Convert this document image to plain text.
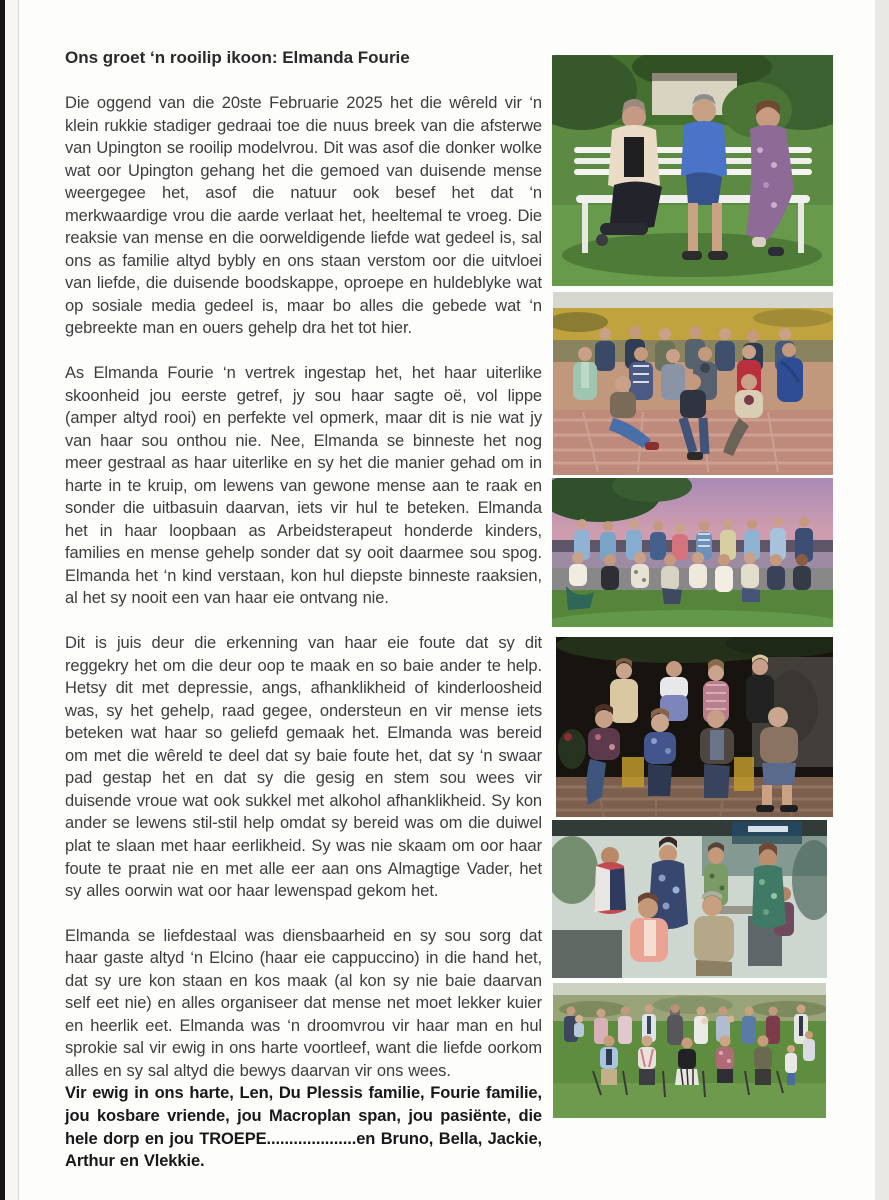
Ons groet ‘n rooilip ikoon: Elmanda Fourie

Die oggend van die 20ste Februarie 2025 het die wêreld vir ‘n klein rukkie stadiger gedraai toe die nuus breek van die afsterwe van Upington se rooilip modelvrou. Dit was asof die donker wolke wat oor Upington gehang het die gemoed van duisende mense weergegee het, asof die natuur ook besef het dat ‘n merkwaardige vrou die aarde verlaat het, heeltemal te vroeg. Die reaksie van mense en die oorweldigende liefde wat gedeel is, sal ons as familie altyd bybly en ons staan verstom oor die uitvloei van liefde, die duisende boodskappe, oproepe en huldeblyke wat op sosiale media gedeel is, maar bo alles die gebede wat ‘n gebreekte man en ouers gehelp dra het tot hier.

As Elmanda Fourie ‘n vertrek ingestap het, het haar uiterlike skoonheid jou eerste getref, jy sou haar sagte oë, vol lippe (amper altyd rooi) en perfekte vel opmerk, maar dit is nie wat jy van haar sou onthou nie. Nee, Elmanda se binneste het nog meer gestraal as haar uiterlike en sy het die manier gehad om in harte in te kruip, om lewens van gewone mense aan te raak en sonder die uitbasuin daarvan, iets vir hul te beteken. Elmanda het in haar loopbaan as Arbeidsterapeut honderde kinders, families en mense gehelp sonder dat sy ooit daarmee sou spog. Elmanda het ‘n kind verstaan, kon hul diepste binneste raaksien, al het sy nooit een van haar eie ontvang nie.

Dit is juis deur die erkenning van haar eie foute dat sy dit reggekry het om die deur oop te maak en so baie ander te help. Hetsy dit met depressie, angs, afhanklikheid of kinderloosheid was, sy het gehelp, raad gegee, ondersteun en vir mense iets beteken wat haar so geliefd gemaak het. Elmanda was bereid om met die wêreld te deel dat sy baie foute het, dat sy ‘n swaar pad gestap het en dat sy die gesig en stem sou wees vir duisende vroue wat ook sukkel met alkohol afhanklikheid. Sy kon ander se lewens stil-stil help omdat sy bereid was om die duiwel plat te slaan met haar eerlikheid. Sy was nie skaam om oor haar foute te praat nie en met alle eer aan ons Almagtige Vader, het sy alles oorwin wat oor haar lewenspad gekom het.

Elmanda se liefdestaal was diensbaarheid en sy sou sorg dat haar gaste altyd ‘n Elcino (haar eie cappuccino) in die hand het, dat sy ure kon staan en kos maak (al kon sy nie baie daarvan self eet nie) en alles organiseer dat mense net moet lekker kuier en heerlik eet. Elmanda was ‘n droomvrou vir haar man en hul sprokie sal vir ewig in ons harte voortleef, want die liefde oorkom alles en sy sal altyd die bewys daarvan vir ons wees.

Vir ewig in ons harte, Len, Du Plessis familie, Fourie familie, jou kosbare vriende, jou Macroplan span, jou pasiënte, die hele dorp en jou TROEPE....................en Bruno, Bella, Jackie, Arthur en Vlekkie.
